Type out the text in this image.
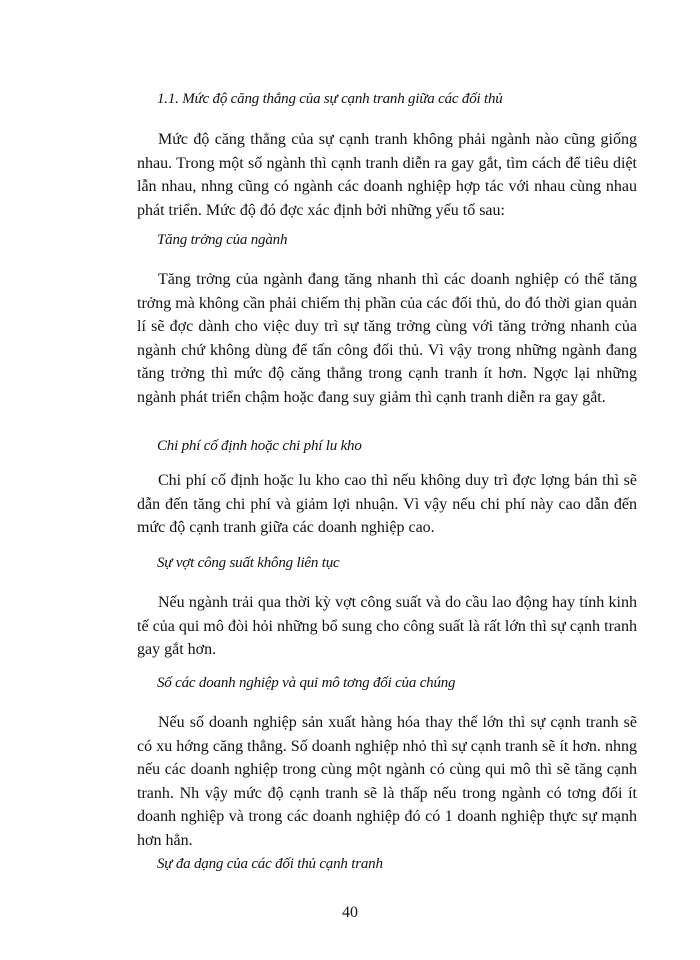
1.1. Mức độ căng thẳng của sự cạnh tranh giữa các đối thủ

Mức độ căng thẳng của sự cạnh tranh không phải ngành nào cũng giống nhau. Trong một số ngành thì cạnh tranh diễn ra gay gắt, tìm cách để tiêu diệt lẫn nhau, nhng cũng có ngành các doanh nghiệp hợp tác với nhau cùng nhau phát triển. Mức độ đó đợc xác định bởi những yếu tố sau:

Tăng trởng của ngành

Tăng trởng của ngành đang tăng nhanh thì các doanh nghiệp có thể tăng trởng mà không cần phải chiếm thị phần của các đối thủ, do đó thời gian quản lí sẽ đợc dành cho việc duy trì sự tăng trởng cùng với tăng trởng nhanh của ngành chứ không dùng để tấn công đối thủ. Vì vậy trong những ngành đang tăng trởng thì mức độ căng thẳng trong cạnh tranh ít hơn. Ngợc lại những ngành phát triển chậm hoặc đang suy giảm thì cạnh tranh diễn ra gay gắt.

Chi phí cố định hoặc chi phí lu kho

Chi phí cố định hoặc lu kho cao thì nếu không duy trì đợc lợng bán thì sẽ dẫn đến tăng chi phí và giảm lợi nhuận. Vì vậy nếu chi phí này cao dẫn đến mức độ cạnh tranh giữa các doanh nghiệp cao.

Sự vợt công suất không liên tục

Nếu ngành trải qua thời kỳ vợt công suất và do cầu lao động hay tính kinh tế của qui mô đòi hỏi những bổ sung cho công suất là rất lớn thì sự cạnh tranh gay gắt hơn.

Số các doanh nghiệp và qui mô tơng đối của chúng

Nếu số doanh nghiệp sản xuất hàng hóa thay thế lớn thì sự cạnh tranh sẽ có xu hớng căng thẳng. Số doanh nghiệp nhỏ thì sự cạnh tranh sẽ ít hơn. nhng nếu các doanh nghiệp trong cùng một ngành có cùng qui mô thì sẽ tăng cạnh tranh. Nh vậy mức độ cạnh tranh sẽ là thấp nếu trong ngành có tơng đối ít doanh nghiệp và trong các doanh nghiệp đó có 1 doanh nghiệp thực sự mạnh hơn hẳn.

Sự đa dạng của các đối thủ cạnh tranh

40
